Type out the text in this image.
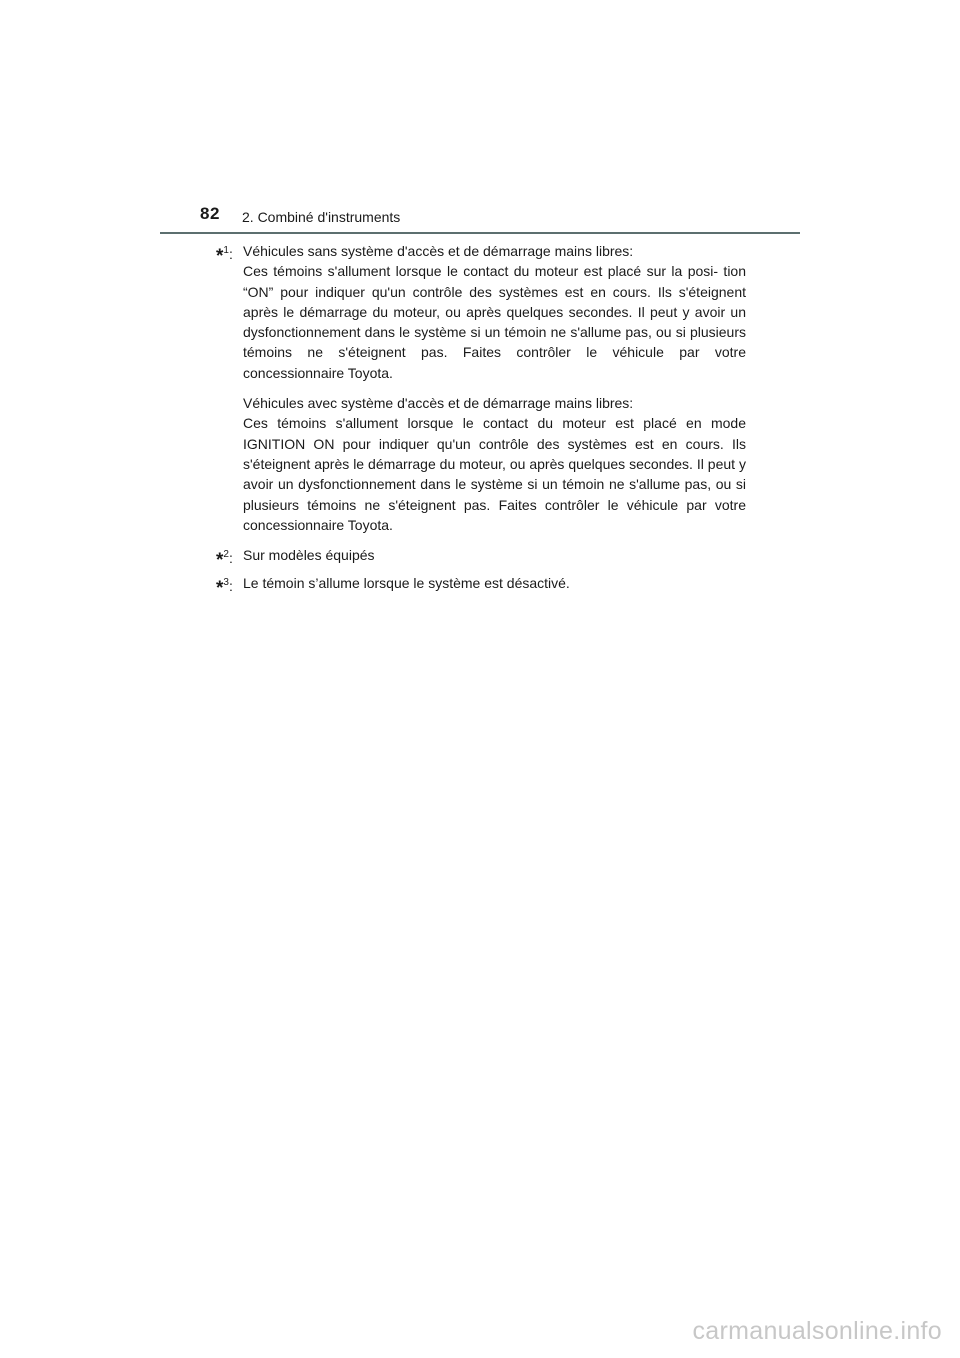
82 2. Combiné d'instruments
*$^1$: Véhicules sans système d'accès et de démarrage mains libres:

Ces témoins s'allument lorsque le contact du moteur est placé sur la posi- tion “ON” pour indiquer qu'un contrôle des systèmes est en cours. Ils s'éteignent après le démarrage du moteur, ou après quelques secondes. Il peut y avoir un dysfonctionnement dans le système si un témoin ne s'allume pas, ou si plusieurs témoins ne s'éteignent pas. Faites contrôler le véhicule par votre concessionnaire Toyota.

Véhicules avec système d'accès et de démarrage mains libres:

Ces témoins s'allument lorsque le contact du moteur est placé en mode IGNITION ON pour indiquer qu'un contrôle des systèmes est en cours. Ils s'éteignent après le démarrage du moteur, ou après quelques secondes. Il peut y avoir un dysfonctionnement dans le système si un témoin ne s'allume pas, ou si plusieurs témoins ne s'éteignent pas. Faites contrôler le véhicule par votre concessionnaire Toyota.

*$^2$: Sur modèles équipés

*$^3$: Le témoin s’allume lorsque le système est désactivé.

carmanualsonline.info
